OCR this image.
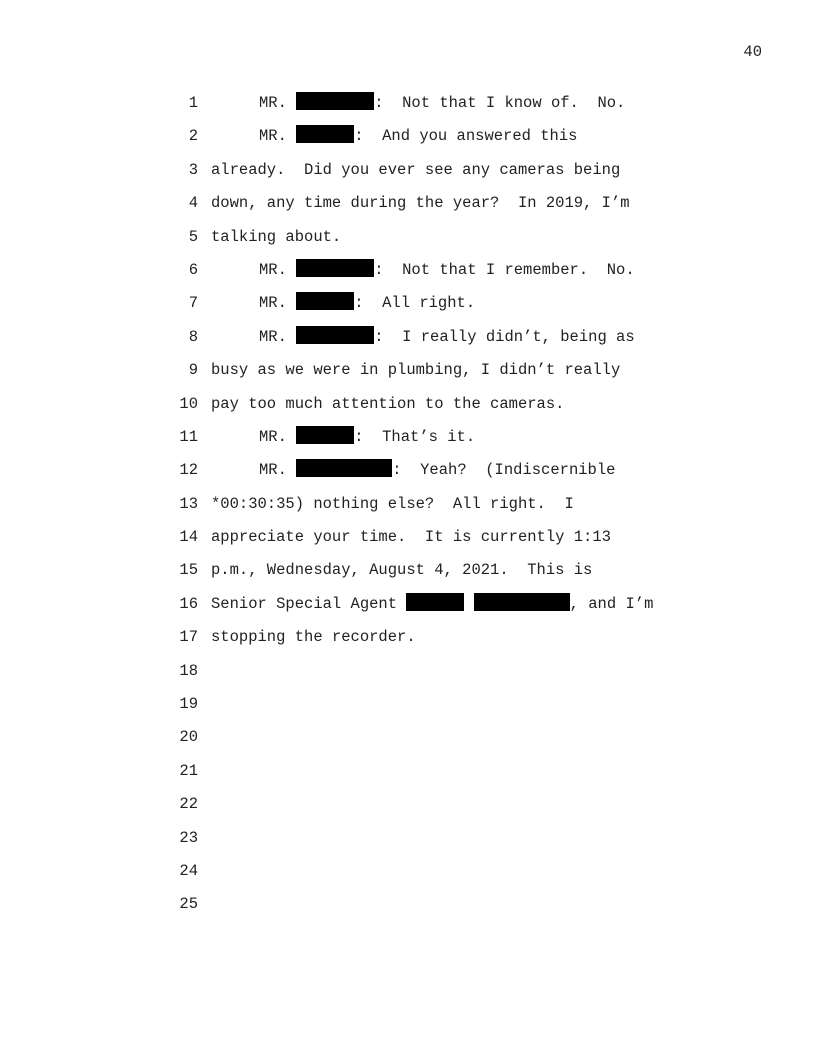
40
1	MR.	:  Not that I know of.  No.
2	MR.	:  And you answered this
3 already.  Did you ever see any cameras being
4 down, any time during the year?  In 2019, I’m
5 talking about.
6	MR.	:  Not that I remember.  No.
7	MR.	:  All right.
8	MR.	:  I really didn’t, being as
9 busy as we were in plumbing, I didn’t really
10 pay too much attention to the cameras.
11	MR.	:  That’s it.
12	MR.	:  Yeah?  (Indiscernible
13 *00:30:35) nothing else?  All right.  I
14 appreciate your time.  It is currently 1:13
15 p.m., Wednesday, August 4, 2021.  This is
16 Senior Special Agent	, and I’m
17 stopping the recorder.
18
19
20
21
22
23
24
25
